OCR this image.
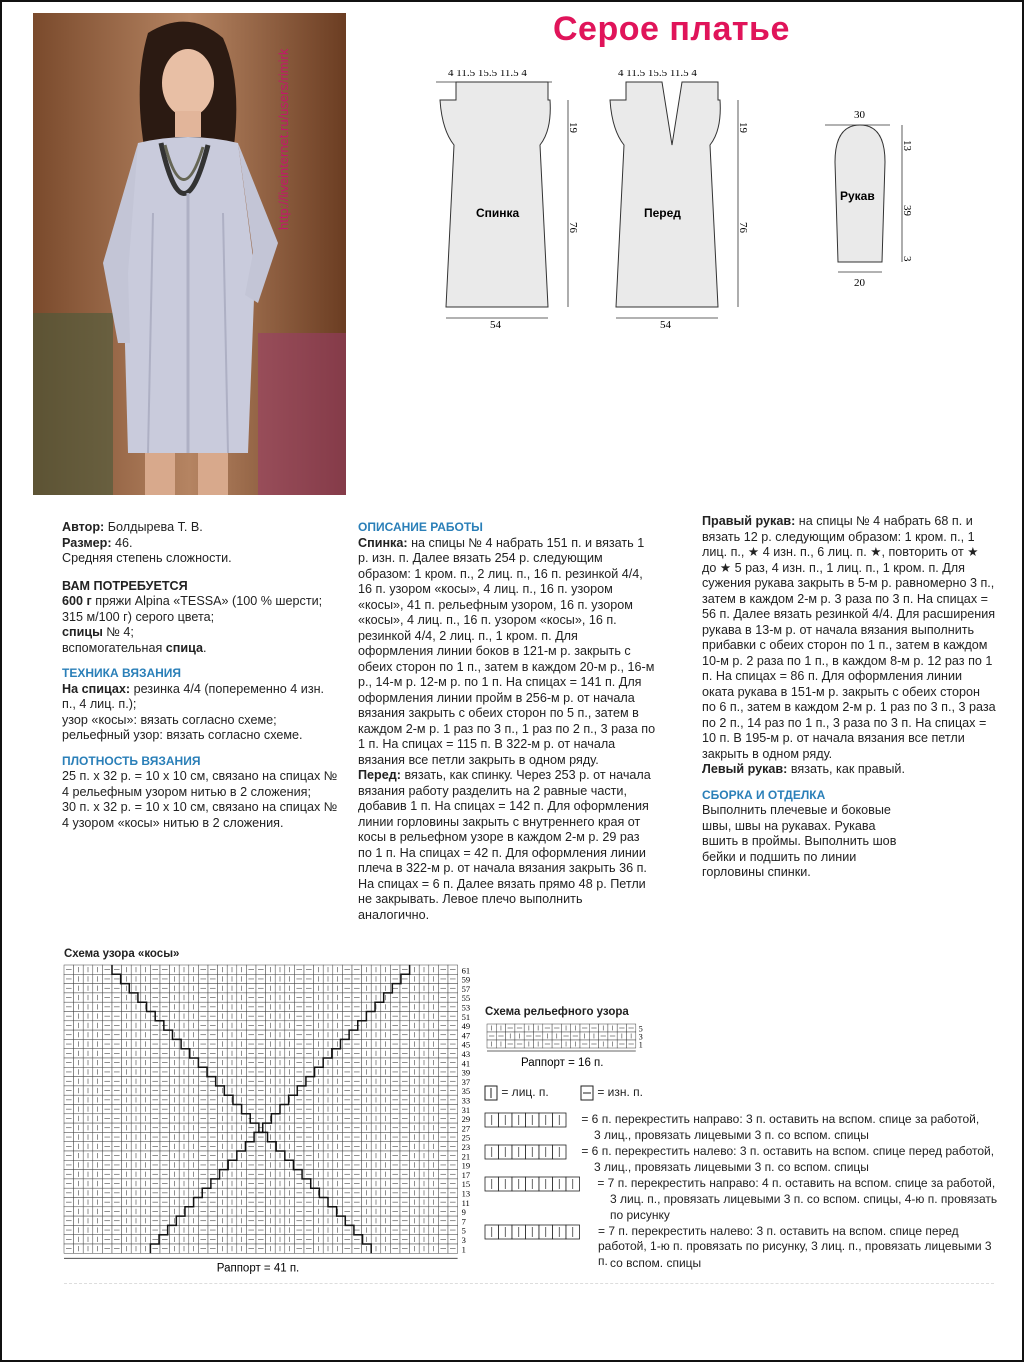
http://liveinternet.ru/users/rimirk
Серое платье
4 11.5 15.5 11.5 4
19
76
54
Спинка
4 11.5 15.5 11.5 4
19
76
54
Перед
30
13
39
3
20
Рукав

Автор: Болдырева Т. В.

Размер: 46.

Средняя степень сложности.

ВАМ ПОТРЕБУЕТСЯ

600 г пряжи Alpina «TESSA» (100 % шерсти; 315 м/100 г) серого цвета;

спицы № 4;

вспомогательная спица.

ТЕХНИКА ВЯЗАНИЯ

На спицах: резинка 4/4 (попеременно 4 изн. п., 4 лиц. п.);

узор «косы»: вязать согласно схеме;

рельефный узор: вязать согласно схеме.

ПЛОТНОСТЬ ВЯЗАНИЯ

25 п. х 32 р. = 10 х 10 см, связано на спицах № 4 рельефным узором нитью в 2 сложения;

30 п. х 32 р. = 10 х 10 см, связано на спицах № 4 узором «косы» нитью в 2 сложения.

ОПИСАНИЕ РАБОТЫ

Спинка: на спицы № 4 набрать 151 п. и вязать 1 р. изн. п. Далее вязать 254 р. следующим образом: 1 кром. п., 2 лиц. п., 16 п. резинкой 4/4, 16 п. узором «косы», 4 лиц. п., 16 п. узором «косы», 41 п. рельефным узором, 16 п. узором «косы», 4 лиц. п., 16 п. узором «косы», 16 п. резинкой 4/4, 2 лиц. п., 1 кром. п. Для оформления линии боков в 121-м р. закрыть с обеих сторон по 1 п., затем в каждом 20-м р., 16-м р., 14-м р. 12-м р. по 1 п. На спицах = 141 п. Для оформления линии пройм в 256-м р. от начала вязания закрыть с обеих сторон по 5 п., затем в каждом 2-м р. 1 раз по 3 п., 1 раз по 2 п., 3 раза по 1 п. На спицах = 115 п. В 322-м р. от начала вязания все петли закрыть в одном ряду.

Перед: вязать, как спинку. Через 253 р. от начала вязания работу разделить на 2 равные части, добавив 1 п. На спицах = 142 п. Для оформления линии горловины закрыть с внутреннего края от косы в рельефном узоре в каждом 2-м р. 29 раз по 1 п. На спицах = 42 п. Для оформления линии плеча в 322-м р. от начала вязания закрыть 36 п. На спицах = 6 п. Далее вязать прямо 48 р. Петли не закрывать. Левое плечо выполнить аналогично.

Правый рукав: на спицы № 4 набрать 68 п. и вязать 12 р. следующим образом: 1 кром. п., 1 лиц. п., ★ 4 изн. п., 6 лиц. п. ★, повторить от ★ до ★ 5 раз, 4 изн. п., 1 лиц. п., 1 кром. п. Для сужения рукава закрыть в 5-м р. равномерно 3 п., затем в каждом 2-м р. 3 раза по 3 п. На спицах = 56 п. Далее вязать резинкой 4/4. Для расширения рукава в 13-м р. от начала вязания выполнить прибавки с обеих сторон по 1 п., затем в каждом 10-м р. 2 раза по 1 п., в каждом 8-м р. 12 раз по 1 п. На спицах = 86 п. Для оформления линии оката рукава в 151-м р. закрыть с обеих сторон по 6 п., затем в каждом 2-м р. 1 раз по 3 п., 3 раза по 2 п., 14 раз по 1 п., 3 раза по 3 п. На спицах = 10 п. В 195-м р. от начала вязания все петли закрыть в одном ряду.

Левый рукав: вязать, как правый.

СБОРКА И ОТДЕЛКА

Выполнить плечевые и боковые швы, швы на рукавах. Рукава вшить в проймы. Выполнить шов бейки и подшить по линии горловины спинки.

Схема узора «косы»
61
59
57
55
53
51
49
47
45
43
41
39
37
35
33
31
29
27
25
23
21
19
17
15
13
11
9
7
5
3
1
Раппорт = 41 п.
Схема рельефного узора
5
3
1
Раппорт = 16 п.
= лиц. п.	= изн. п.
= 6 п. перекрестить направо: 3 п. оставить на вспом. спице за работой,
3 лиц., провязать лицевыми 3 п. со вспом. спицы
= 6 п. перекрестить налево: 3 п. оставить на вспом. спице перед работой,
3 лиц., провязать лицевыми 3 п. со вспом. спицы
= 7 п. перекрестить направо: 4 п. оставить на вспом. спице за работой,
3 лиц. п., провязать лицевыми 3 п. со вспом. спицы, 4-ю п. провязать
по рисунку
= 7 п. перекрестить налево: 3 п. оставить на вспом. спице перед работой, 1-ю п. провязать по рисунку, 3 лиц. п., провязать лицевыми 3 п. со вспом. спицы
